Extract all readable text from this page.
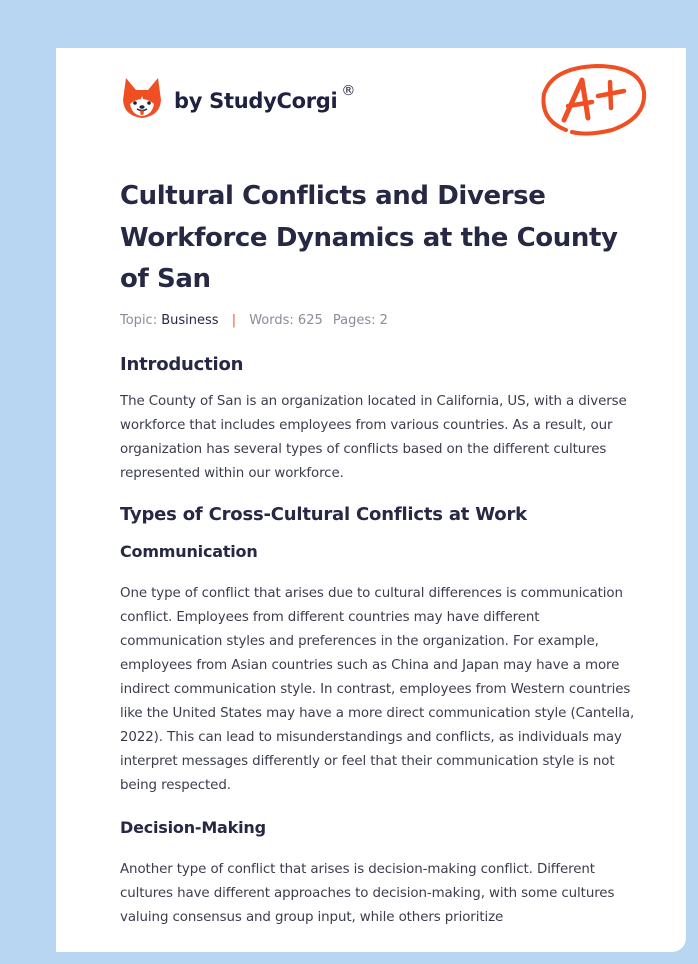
by StudyCorgi ®
Cultural Conflicts and Diverse Workforce Dynamics at the County of San
Topic: Business | Words: 625 Pages: 2
Introduction

The County of San is an organization located in California, US, with a diverse workforce that includes employees from various countries. As a result, our organization has several types of conflicts based on the different cultures represented within our workforce.

Types of Cross-Cultural Conflicts at Work
Communication

One type of conflict that arises due to cultural differences is communication conflict. Employees from different countries may have different communication styles and preferences in the organization. For example, employees from Asian countries such as China and Japan may have a more indirect communication style. In contrast, employees from Western countries like the United States may have a more direct communication style (Cantella, 2022). This can lead to misunderstandings and conflicts, as individuals may interpret messages differently or feel that their communication style is not being respected.

Decision-Making

Another type of conflict that arises is decision-making conflict. Different cultures have different approaches to decision-making, with some cultures valuing consensus and group input, while others prioritize
